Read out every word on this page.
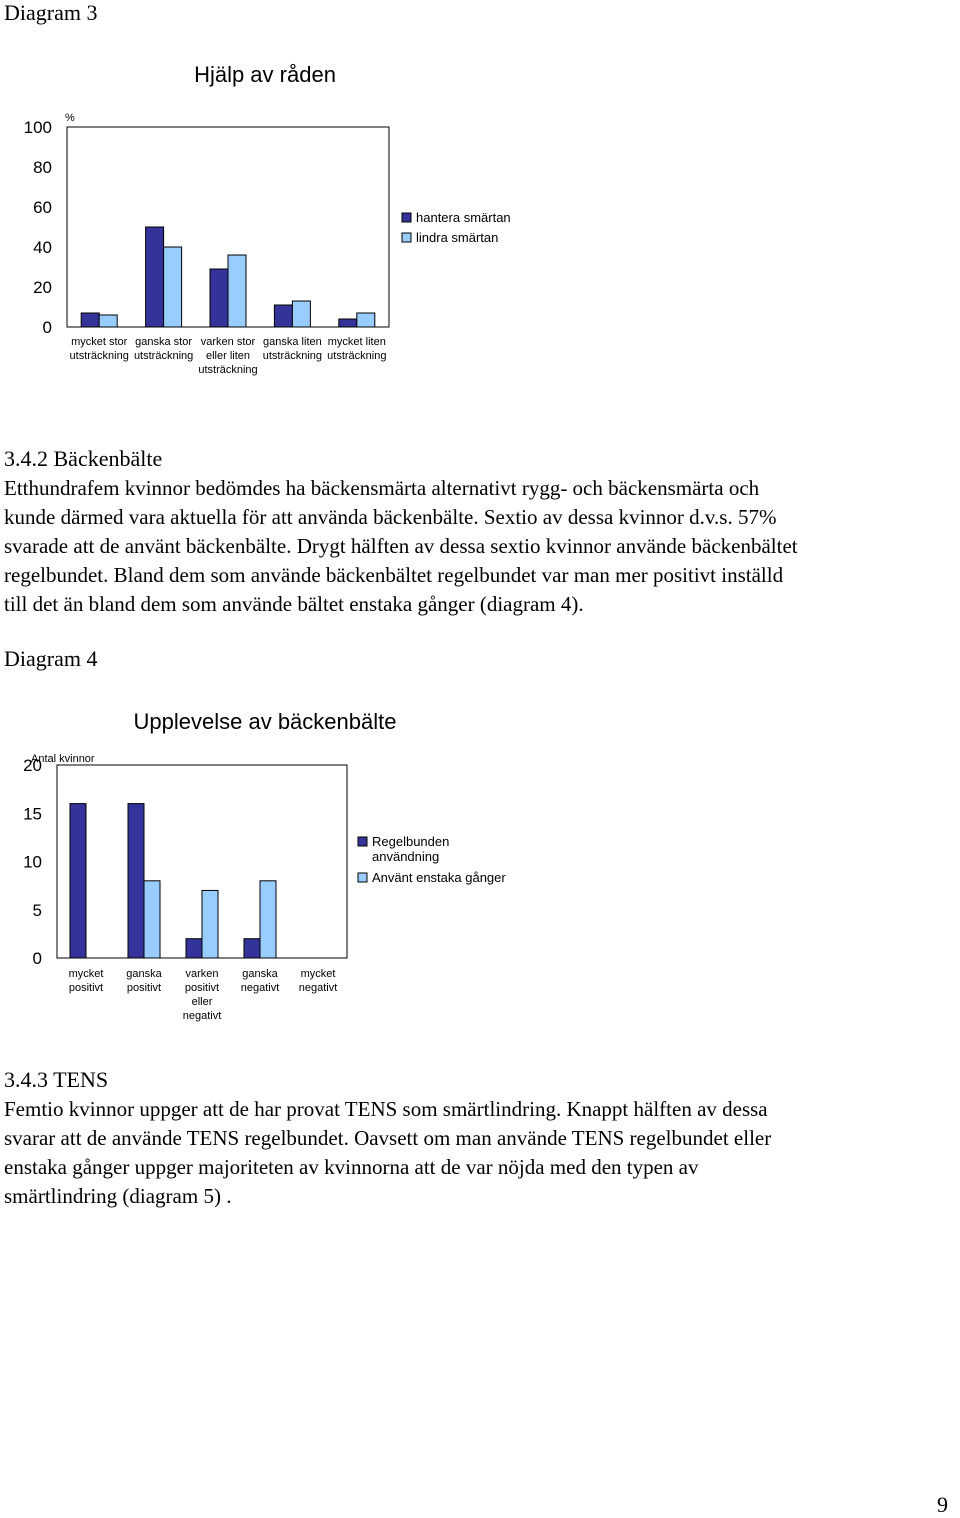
Diagram 3
Hjälp av råden
%
0
20
40
60
80
100
mycket stor
utsträckning
ganska stor
utsträckning
varken stor
eller liten
utsträckning
ganska liten
utsträckning
mycket liten
utsträckning
hantera smärtan
lindra smärtan
3.4.2 Bäckenbälte
Etthundrafem kvinnor bedömdes ha bäckensmärta alternativt rygg- och bäckensmärta och
kunde därmed vara aktuella för att använda bäckenbälte. Sextio av dessa kvinnor d.v.s. 57%
svarade att de använt bäckenbälte. Drygt hälften av dessa sextio kvinnor använde bäckenbältet
regelbundet. Bland dem som använde bäckenbältet regelbundet var man mer positivt inställd
till det än bland dem som använde bältet enstaka gånger (diagram 4).
Diagram 4
Upplevelse av bäckenbälte
Antal kvinnor
0
5
10
15
20
mycket
positivt
ganska
positivt
varken
positivt
eller
negativt
ganska
negativt
mycket
negativt
Regelbunden
användning
Använt enstaka gånger
3.4.3 TENS
Femtio kvinnor uppger att de har provat TENS som smärtlindring. Knappt hälften av dessa
svarar att de använde TENS regelbundet. Oavsett om man använde TENS regelbundet eller
enstaka gånger uppger majoriteten av kvinnorna att de var nöjda med den typen av
smärtlindring (diagram 5) .
9
